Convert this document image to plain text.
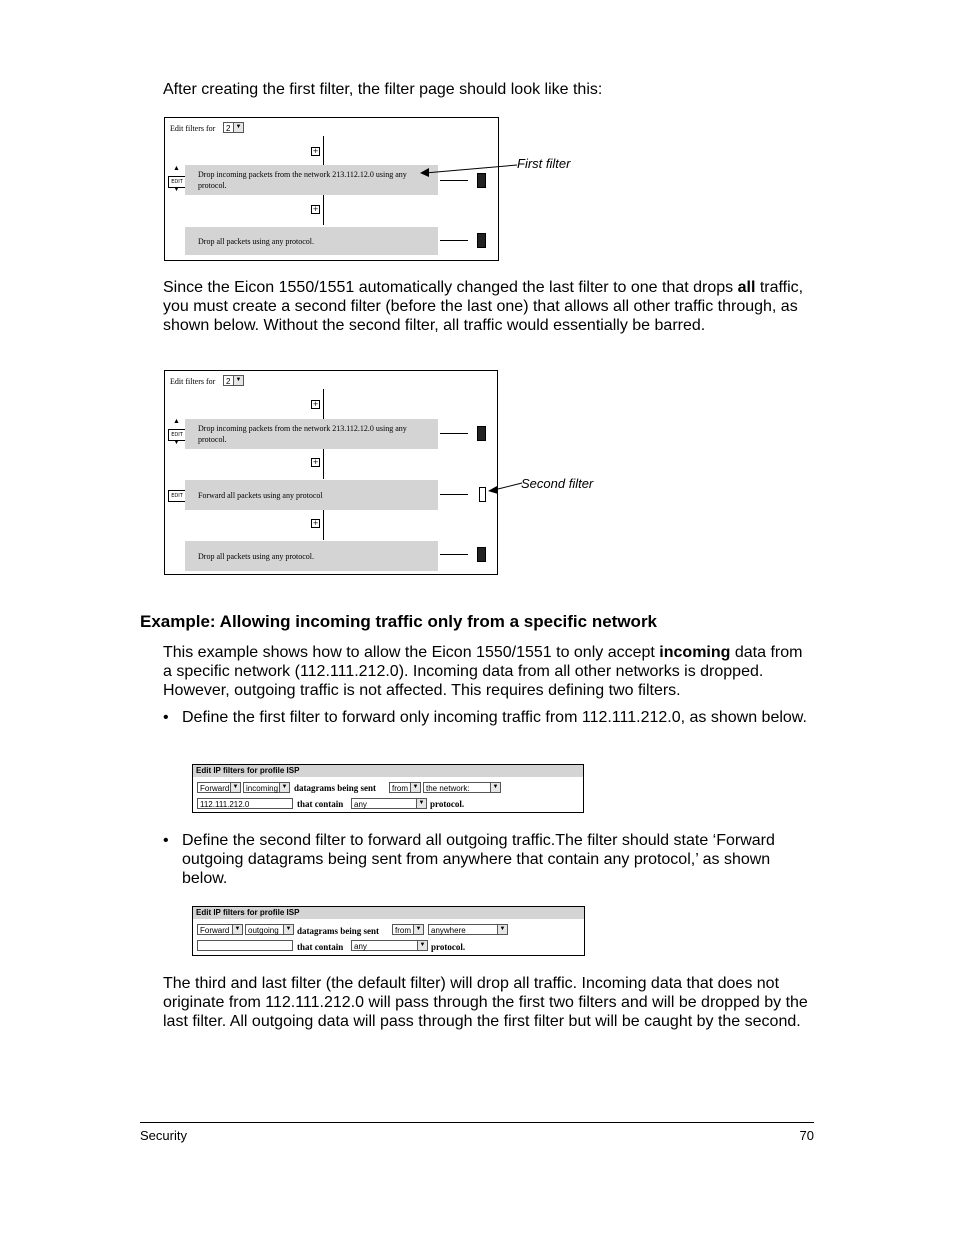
After creating the first filter, the filter page should look like this:
Edit filters for	2 ▼
+
EDIT
▲
▼
Drop incoming packets from the network 213.112.12.0 using any protocol.
+
Drop all packets using any protocol.
First filter
Since the Eicon 1550/1551 automatically changed the last filter to one that drops all traffic, you must create a second filter (before the last one) that allows all other traffic through, as shown below. Without the second filter, all traffic would essentially be barred.
Edit filters for	2 ▼
+
EDIT
▲
▼
Drop incoming packets from the network 213.112.12.0 using any protocol.
+
EDIT	Forward all packets using any protocol
+
Drop all packets using any protocol.
Second filter
Example: Allowing incoming traffic only from a specific network
This example shows how to allow the Eicon 1550/1551 to only accept incoming data from a specific network (112.111.212.0). Incoming data from all other networks is dropped. However, outgoing traffic is not affected. This requires defining two filters.
• Define the first filter to forward only incoming traffic from 112.111.212.0, as shown below.
Edit IP filters for profile ISP
Forward ▼ incoming ▼ datagrams being sent	from ▼ the network:	▼
112.111.212.0	that contain	any	▼ protocol.
• Define the second filter to forward all outgoing traffic.The filter should state ‘Forward outgoing datagrams being sent from anywhere that contain any protocol,’ as shown below.
Edit IP filters for profile ISP
Forward ▼ outgoing	▼ datagrams being sent	from ▼	anywhere	▼
that contain	any	▼ protocol.
The third and last filter (the default filter) will drop all traffic. Incoming data that does not originate from 112.111.212.0 will pass through the first two filters and will be dropped by the last filter. All outgoing data will pass through the first filter but will be caught by the second.
Security	70
